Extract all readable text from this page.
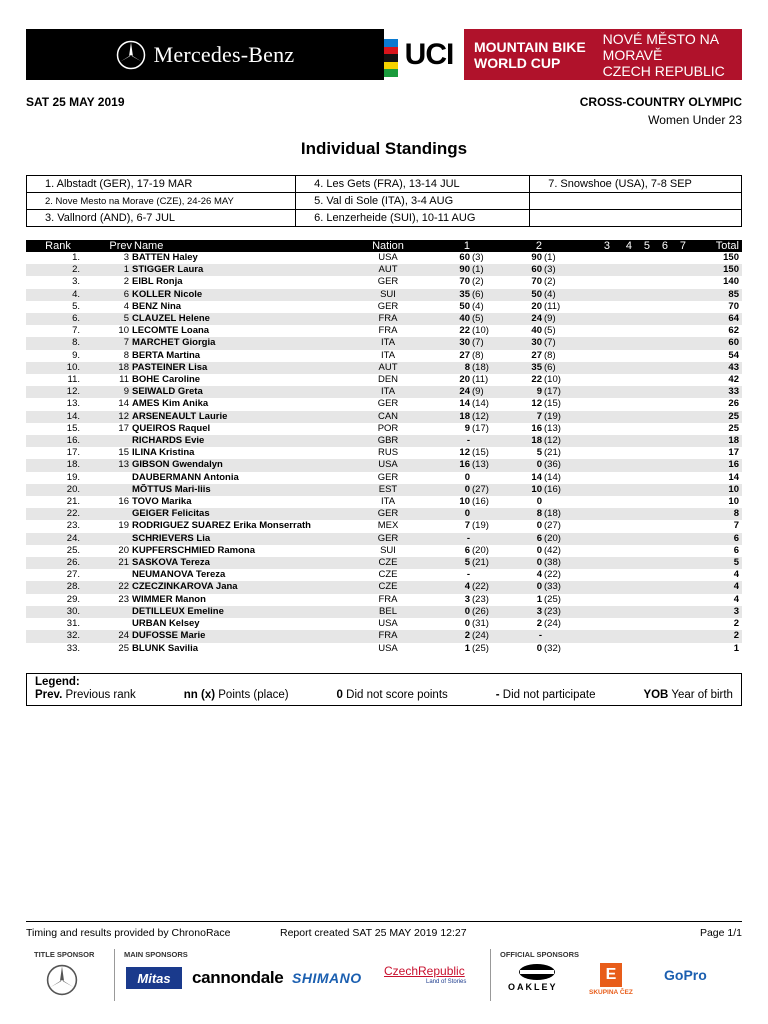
Mercedes-Benz	UCI MOUNTAIN BIKE WORLD CUP
NOVÉ MĚSTO NA MORAVĚ
CZECH REPUBLIC
SAT 25 MAY 2019	CROSS-COUNTRY OLYMPIC
Women Under 23
Individual Standings
1. Albstadt (GER), 17-19 MAR	4. Les Gets (FRA), 13-14 JUL	7. Snowshoe (USA), 7-8 SEP
2. Nove Mesto na Morave (CZE), 24-26 MAY	5. Val di Sole (ITA), 3-4 AUG	
3. Vallnord (AND), 6-7 JUL	6. Lenzerheide (SUI), 10-11 AUG	
Rank	Prev	Name	Nation	1		2		3	4	5	6	7	Total
1.	3	BATTEN Haley	USA	60	(3)	90	(1)						150
2.	1	STIGGER Laura	AUT	90	(1)	60	(3)						150
3.	2	EIBL Ronja	GER	70	(2)	70	(2)						140
4.	6	KOLLER Nicole	SUI	35	(6)	50	(4)						85
5.	4	BENZ Nina	GER	50	(4)	20	(11)						70
6.	5	CLAUZEL Helene	FRA	40	(5)	24	(9)						64
7.	10	LECOMTE Loana	FRA	22	(10)	40	(5)						62
8.	7	MARCHET Giorgia	ITA	30	(7)	30	(7)						60
9.	8	BERTA Martina	ITA	27	(8)	27	(8)						54
10.	18	PASTEINER Lisa	AUT	8	(18)	35	(6)						43
11.	11	BOHE Caroline	DEN	20	(11)	22	(10)						42
12.	9	SEIWALD Greta	ITA	24	(9)	9	(17)						33
13.	14	AMES Kim Anika	GER	14	(14)	12	(15)						26
14.	12	ARSENEAULT Laurie	CAN	18	(12)	7	(19)						25
15.	17	QUEIROS Raquel	POR	9	(17)	16	(13)						25
16.		RICHARDS Evie	GBR	-		18	(12)						18
17.	15	ILINA Kristina	RUS	12	(15)	5	(21)						17
18.	13	GIBSON Gwendalyn	USA	16	(13)	0	(36)						16
19.		DAUBERMANN Antonia	GER	0		14	(14)						14
20.		MÕTTUS Mari-liis	EST	0	(27)	10	(16)						10
21.	16	TOVO Marika	ITA	10	(16)	0							10
22.		GEIGER Felicitas	GER	0		8	(18)						8
23.	19	RODRIGUEZ SUAREZ Erika Monserrath	MEX	7	(19)	0	(27)						7
24.		SCHRIEVERS Lia	GER	-		6	(20)						6
25.	20	KUPFERSCHMIED Ramona	SUI	6	(20)	0	(42)						6
26.	21	SASKOVA Tereza	CZE	5	(21)	0	(38)						5
27.		NEUMANOVA Tereza	CZE	-		4	(22)						4
28.	22	CZECZINKAROVA Jana	CZE	4	(22)	0	(33)						4
29.	23	WIMMER Manon	FRA	3	(23)	1	(25)						4
30.		DETILLEUX Emeline	BEL	0	(26)	3	(23)						3
31.		URBAN Kelsey	USA	0	(31)	2	(24)						2
32.	24	DUFOSSE Marie	FRA	2	(24)	-							2
33.	25	BLUNK Savilia	USA	1	(25)	0	(32)						1
Legend:
Prev. Previous rank	nn (x) Points (place)	0 Did not score points	- Did not participate	YOB Year of birth
Timing and results provided by ChronoRace	Report created SAT 25 MAY 2019 12:27	Page 1/1
TITLE SPONSOR	MAIN SPONSORS	OFFICIAL SPONSORS
Mitas	cannondale SHIMANO CzechRepublic
Land of Stories	OAKLEY
E
SKUPINA ČEZ
GoPro
